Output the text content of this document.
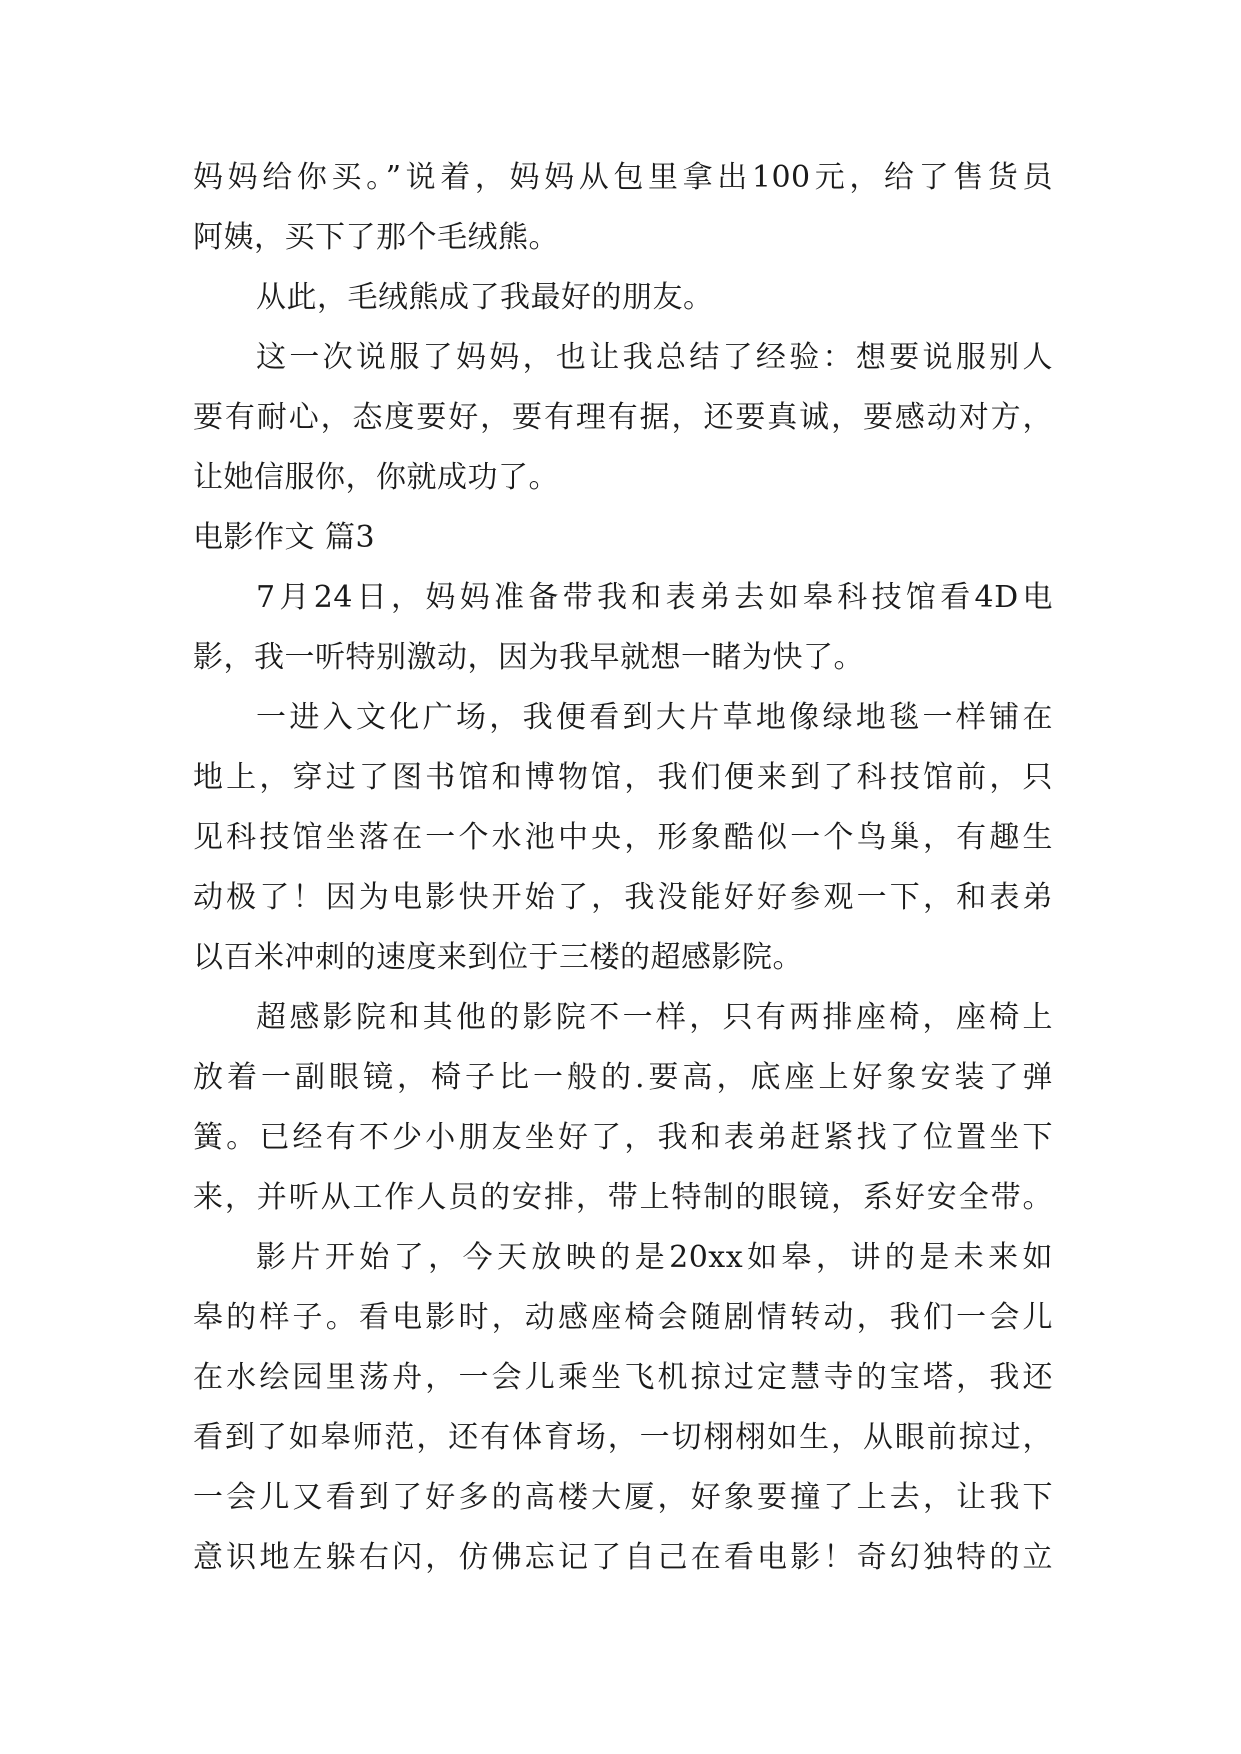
妈妈给你买。”说着，妈妈从包里拿出100元，给了售货员
阿姨，买下了那个毛绒熊。
从此，毛绒熊成了我最好的朋友。
这一次说服了妈妈，也让我总结了经验：想要说服别人
要有耐心，态度要好，要有理有据，还要真诚，要感动对方，
让她信服你，你就成功了。
电影作文 篇3
7月24日，妈妈准备带我和表弟去如皋科技馆看4D电
影，我一听特别激动，因为我早就想一睹为快了。
一进入文化广场，我便看到大片草地像绿地毯一样铺在
地上，穿过了图书馆和博物馆，我们便来到了科技馆前，只
见科技馆坐落在一个水池中央，形象酷似一个鸟巢，有趣生
动极了！因为电影快开始了，我没能好好参观一下，和表弟
以百米冲刺的速度来到位于三楼的超感影院。
超感影院和其他的影院不一样，只有两排座椅，座椅上
放着一副眼镜，椅子比一般的.要高，底座上好象安装了弹
簧。已经有不少小朋友坐好了，我和表弟赶紧找了位置坐下
来，并听从工作人员的安排，带上特制的眼镜，系好安全带。
影片开始了，今天放映的是20xx如皋，讲的是未来如
皋的样子。看电影时，动感座椅会随剧情转动，我们一会儿
在水绘园里荡舟，一会儿乘坐飞机掠过定慧寺的宝塔，我还
看到了如皋师范，还有体育场，一切栩栩如生，从眼前掠过，
一会儿又看到了好多的高楼大厦，好象要撞了上去，让我下
意识地左躲右闪，仿佛忘记了自己在看电影！奇幻独特的立
